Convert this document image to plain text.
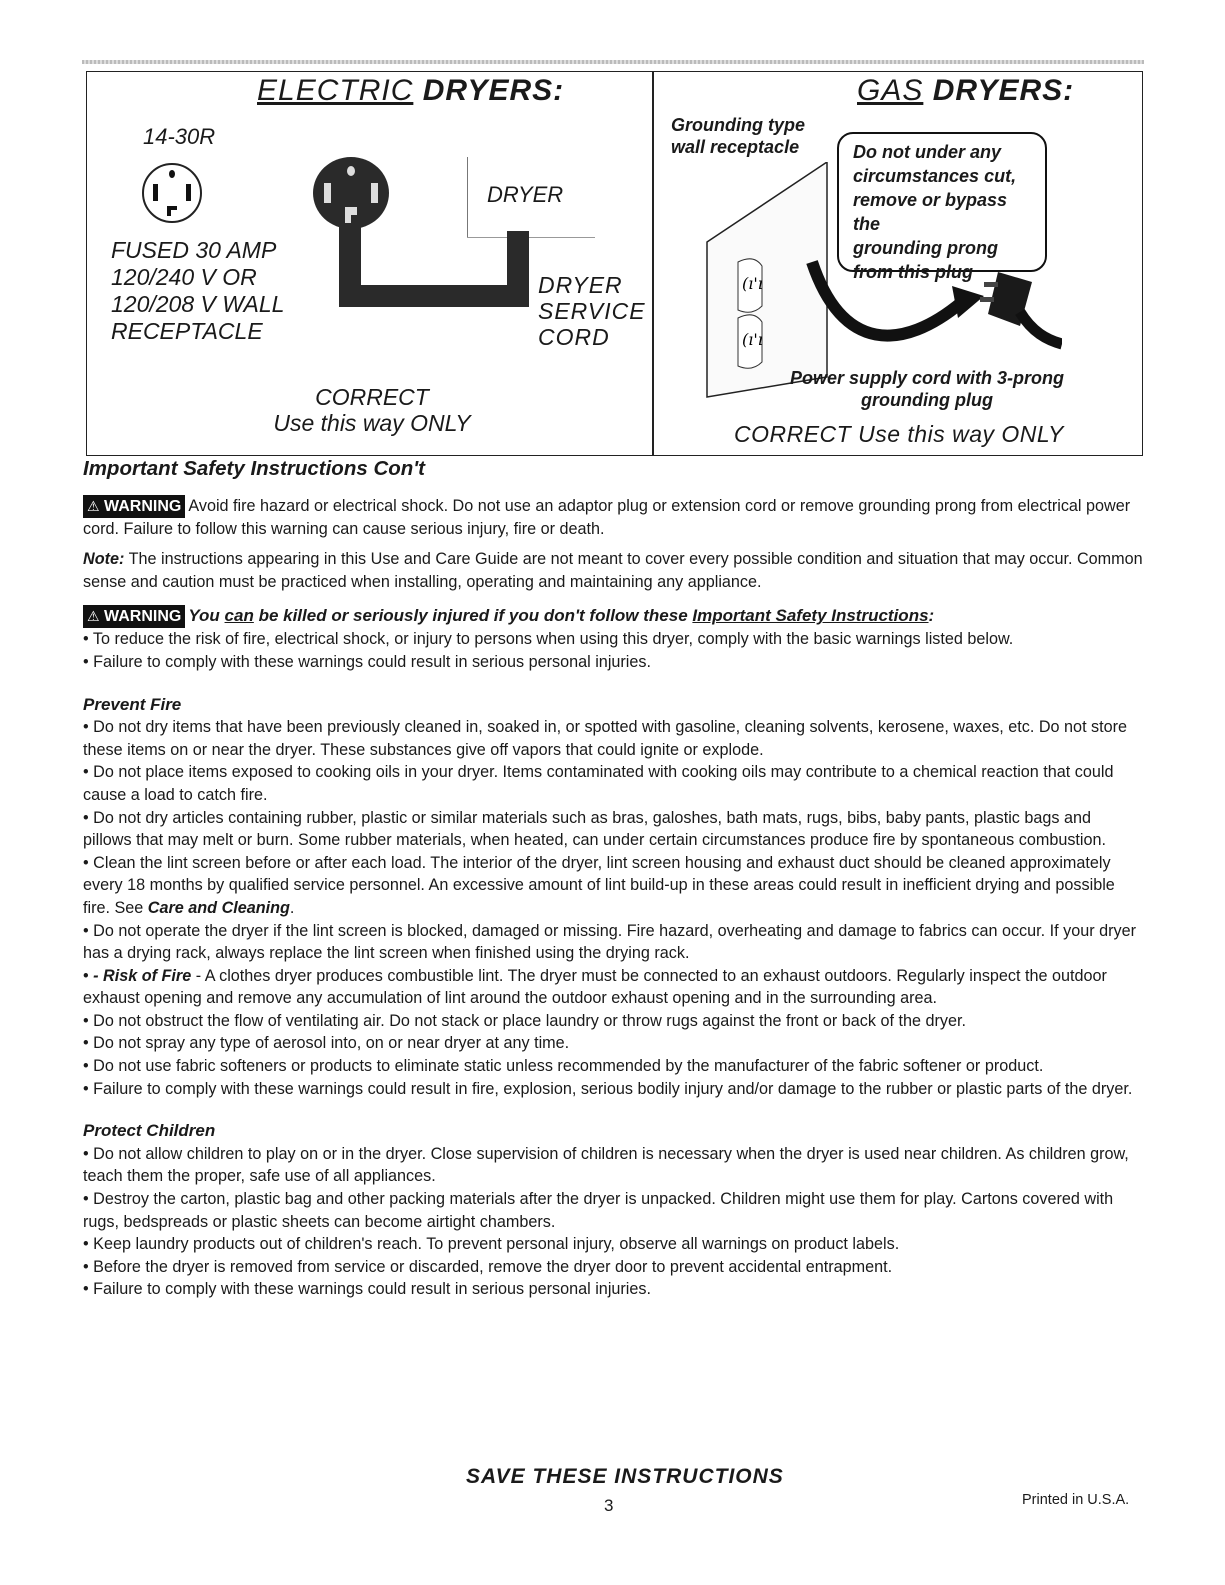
ELECTRIC DRYERS:
14-30R
DRYER
FUSED 30 AMP
120/240 V OR
120/208 V WALL
RECEPTACLE
DRYER
SERVICE
CORD
CORRECT
Use this way ONLY
GAS DRYERS:
Grounding type
wall receptacle
(ı'ı
(ı'ı
Do not under any
circumstances cut,
remove or bypass the
grounding prong
from this plug
Power supply cord with 3-prong
grounding plug
CORRECT Use this way ONLY

Important Safety Instructions Con't

⚠ WARNING Avoid fire hazard or electrical shock. Do not use an adaptor plug or extension cord or remove grounding prong from electrical power cord. Failure to follow this warning can cause serious injury, fire or death.

Note: The instructions appearing in this Use and Care Guide are not meant to cover every possible condition and situation that may occur. Common sense and caution must be practiced when installing, operating and maintaining any appliance.

⚠ WARNING You can be killed or seriously injured if you don't follow these Important Safety Instructions:

• To reduce the risk of fire, electrical shock, or injury to persons when using this dryer, comply with the basic warnings listed below.

• Failure to comply with these warnings could result in serious personal injuries.

Prevent Fire

• Do not dry items that have been previously cleaned in, soaked in, or spotted with gasoline, cleaning solvents, kerosene, waxes, etc. Do not store these items on or near the dryer. These substances give off vapors that could ignite or explode.

• Do not place items exposed to cooking oils in your dryer. Items contaminated with cooking oils may contribute to a chemical reaction that could cause a load to catch fire.

• Do not dry articles containing rubber, plastic or similar materials such as bras, galoshes, bath mats, rugs, bibs, baby pants, plastic bags and pillows that may melt or burn. Some rubber materials, when heated, can under certain circumstances produce fire by spontaneous combustion.

• Clean the lint screen before or after each load. The interior of the dryer, lint screen housing and exhaust duct should be cleaned approximately every 18 months by qualified service personnel. An excessive amount of lint build-up in these areas could result in inefficient drying and possible fire. See Care and Cleaning.

• Do not operate the dryer if the lint screen is blocked, damaged or missing. Fire hazard, overheating and damage to fabrics can occur. If your dryer has a drying rack, always replace the lint screen when finished using the drying rack.

• - Risk of Fire - A clothes dryer produces combustible lint. The dryer must be connected to an exhaust outdoors. Regularly inspect the outdoor exhaust opening and remove any accumulation of lint around the outdoor exhaust opening and in the surrounding area.

• Do not obstruct the flow of ventilating air. Do not stack or place laundry or throw rugs against the front or back of the dryer.

• Do not spray any type of aerosol into, on or near dryer at any time.

• Do not use fabric softeners or products to eliminate static unless recommended by the manufacturer of the fabric softener or product.

• Failure to comply with these warnings could result in fire, explosion, serious bodily injury and/or damage to the rubber or plastic parts of the dryer.

Protect Children

• Do not allow children to play on or in the dryer. Close supervision of children is necessary when the dryer is used near children. As children grow, teach them the proper, safe use of all appliances.

• Destroy the carton, plastic bag and other packing materials after the dryer is unpacked. Children might use them for play. Cartons covered with rugs, bedspreads or plastic sheets can become airtight chambers.

• Keep laundry products out of children's reach. To prevent personal injury, observe all warnings on product labels.

• Before the dryer is removed from service or discarded, remove the dryer door to prevent accidental entrapment.

• Failure to comply with these warnings could result in serious personal injuries.

SAVE THESE INSTRUCTIONS
3	Printed in U.S.A.
